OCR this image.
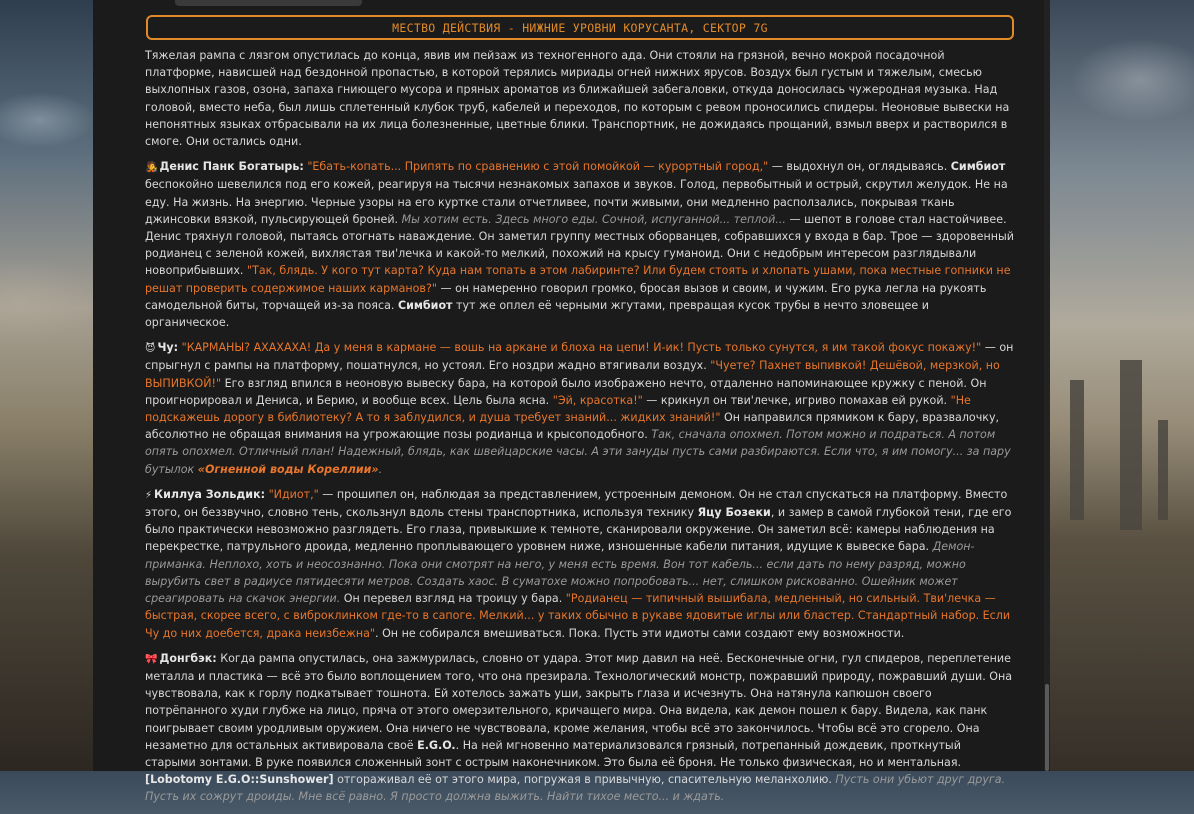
МЕСТВО ДЕЙСТВИЯ - НИЖНИЕ УРОВНИ КОРУСАНТА, СЕКТОР 7G

Тяжелая рампа с лязгом опустилась до конца, явив им пейзаж из техногенного ада. Они стояли на грязной, вечно мокрой посадочной платформе, нависшей над бездонной пропастью, в которой терялись мириады огней нижних ярусов. Воздух был густым и тяжелым, смесью выхлопных газов, озона, запаха гниющего мусора и пряных ароматов из ближайшей забегаловки, откуда доносилась чужеродная музыка. Над головой, вместо неба, был лишь сплетенный клубок труб, кабелей и переходов, по которым с ревом проносились спидеры. Неоновые вывески на непонятных языках отбрасывали на их лица болезненные, цветные блики. Транспортник, не дожидаясь прощаний, взмыл вверх и растворился в смоге. Они остались одни.

🧑‍🎤 Денис Панк Богатырь: "Ебать-копать... Припять по сравнению с этой помойкой — курортный город," — выдохнул он, оглядываясь. Симбиот беспокойно шевелился под его кожей, реагируя на тысячи незнакомых запахов и звуков. Голод, первобытный и острый, скрутил желудок. Не на еду. На жизнь. На энергию. Черные узоры на его куртке стали отчетливее, почти живыми, они медленно расползались, покрывая ткань джинсовки вязкой, пульсирующей броней. Мы хотим есть. Здесь много еды. Сочной, испуганной... теплой... — шепот в голове стал настойчивее. Денис тряхнул головой, пытаясь отогнать наваждение. Он заметил группу местных оборванцев, собравшихся у входа в бар. Трое — здоровенный родианец с зеленой кожей, вихлястая тви'лечка и какой-то мелкий, похожий на крысу гуманоид. Они с недобрым интересом разглядывали новоприбывших. "Так, блядь. У кого тут карта? Куда нам топать в этом лабиринте? Или будем стоять и хлопать ушами, пока местные гопники не решат проверить содержимое наших карманов?" — он намеренно говорил громко, бросая вызов и своим, и чужим. Его рука легла на рукоять самодельной биты, торчащей из-за пояса. Симбиот тут же оплел её черными жгутами, превращая кусок трубы в нечто зловещее и органическое.

😈 Чу: "КАРМАНЫ? АХАХАХА! Да у меня в кармане — вошь на аркане и блоха на цепи! И-ик! Пусть только сунутся, я им такой фокус покажу!" — он спрыгнул с рампы на платформу, пошатнулся, но устоял. Его ноздри жадно втягивали воздух. "Чуете? Пахнет выпивкой! Дешёвой, мерзкой, но ВЫПИВКОЙ!" Его взгляд впился в неоновую вывеску бара, на которой было изображено нечто, отдаленно напоминающее кружку с пеной. Он проигнорировал и Дениса, и Берию, и вообще всех. Цель была ясна. "Эй, красотка!" — крикнул он тви'лечке, игриво помахав ей рукой. "Не подскажешь дорогу в библиотеку? А то я заблудился, и душа требует знаний... жидких знаний!" Он направился прямиком к бару, вразвалочку, абсолютно не обращая внимания на угрожающие позы родианца и крысоподобного. Так, сначала опохмел. Потом можно и подраться. А потом опять опохмел. Отличный план! Надежный, блядь, как швейцарские часы. А эти зануды пусть сами разбираются. Если что, я им помогу... за пару бутылок «Огненной воды Кореллии».

⚡ Киллуа Зольдик: "Идиот," — прошипел он, наблюдая за представлением, устроенным демоном. Он не стал спускаться на платформу. Вместо этого, он беззвучно, словно тень, скользнул вдоль стены транспортника, используя технику Яцу Бозеки, и замер в самой глубокой тени, где его было практически невозможно разглядеть. Его глаза, привыкшие к темноте, сканировали окружение. Он заметил всё: камеры наблюдения на перекрестке, патрульного дроида, медленно проплывающего уровнем ниже, изношенные кабели питания, идущие к вывеске бара. Демон-приманка. Неплохо, хоть и неосознанно. Пока они смотрят на него, у меня есть время. Вон тот кабель... если дать по нему разряд, можно вырубить свет в радиусе пятидесяти метров. Создать хаос. В суматохе можно попробовать... нет, слишком рискованно. Ошейник может среагировать на скачок энергии. Он перевел взгляд на троицу у бара. "Родианец — типичный вышибала, медленный, но сильный. Тви'лечка — быстрая, скорее всего, с виброклинком где-то в сапоге. Мелкий... у таких обычно в рукаве ядовитые иглы или бластер. Стандартный набор. Если Чу до них доебется, драка неизбежна". Он не собирался вмешиваться. Пока. Пусть эти идиоты сами создают ему возможности.

🎀 Донгбэк: Когда рампа опустилась, она зажмурилась, словно от удара. Этот мир давил на неё. Бесконечные огни, гул спидеров, переплетение металла и пластика — всё это было воплощением того, что она презирала. Технологический монстр, пожравший природу, пожравший души. Она чувствовала, как к горлу подкатывает тошнота. Ей хотелось зажать уши, закрыть глаза и исчезнуть. Она натянула капюшон своего потрёпанного худи глубже на лицо, пряча от этого омерзительного, кричащего мира. Она видела, как демон пошел к бару. Видела, как панк поигрывает своим уродливым оружием. Она ничего не чувствовала, кроме желания, чтобы всё это закончилось. Чтобы всё это сгорело. Она незаметно для остальных активировала своё E.G.O.. На ней мгновенно материализовался грязный, потрепанный дождевик, проткнутый старыми зонтами. В руке появился сложенный зонт с острым наконечником. Это была её броня. Не только физическая, но и ментальная. [Lobotomy E.G.O::Sunshower] отгораживал её от этого мира, погружая в привычную, спасительную меланхолию. Пусть они убьют друг друга. Пусть их сожрут дроиды. Мне всё равно. Я просто должна выжить. Найти тихое место... и ждать.
